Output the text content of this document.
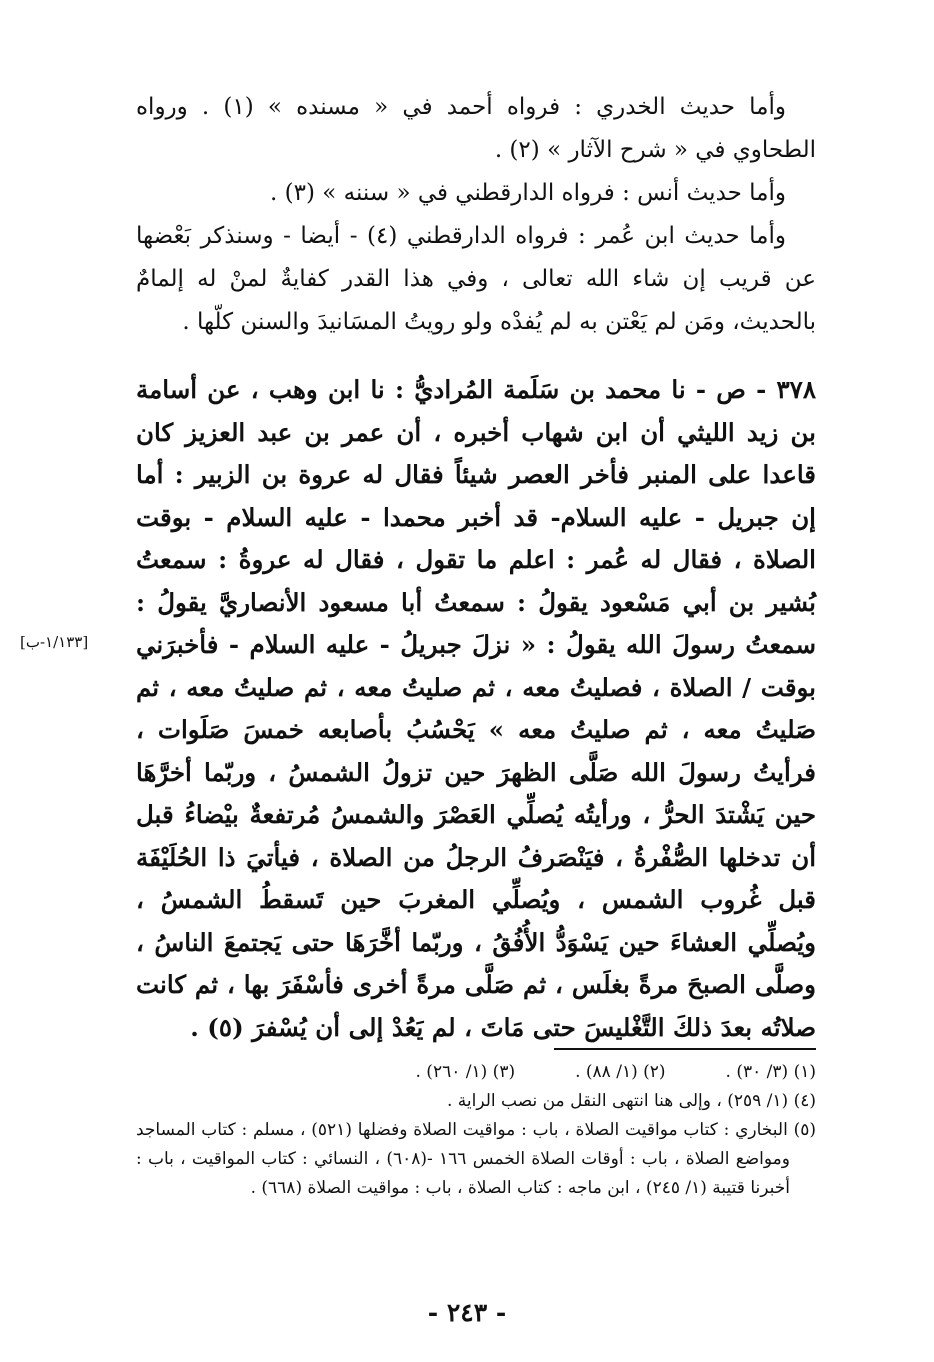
وأما حديث الخدري : فرواه أحمد في « مسنده » (١) . ورواه الطحاوي في « شرح الآثار » (٢) .

وأما حديث أنس : فرواه الدارقطني في « سننه » (٣) .

وأما حديث ابن عُمر : فرواه الدارقطني (٤) - أيضا - وسنذكر بَعْضها عن قريب إن شاء الله تعالى ، وفي هذا القدر كفايةٌ لمنْ له إلمامٌ بالحديث، ومَن لم يَعْتن به لم يُفدْه ولو رويتُ المسَانيدَ والسنن كلّها .

٣٧٨ - ص - نا محمد بن سَلَمة المُراديُّ : نا ابن وهب ، عن أسامة بن زيد الليثي أن ابن شهاب أخبره ، أن عمر بن عبد العزيز كان قاعدا على المنبر فأخر العصر شيئاً فقال له عروة بن الزبير : أما إن جبريل - عليه السلام- قد أخبر محمدا - عليه السلام - بوقت الصلاة ، فقال له عُمر : اعلم ما تقول ، فقال له عروةُ : سمعتُ بُشير بن أبي مَسْعود يقولُ : سمعتُ أبا مسعود الأنصاريَّ يقولُ : سمعتُ رسولَ الله يقولُ : « نزلَ جبريلُ - عليه السلام - فأخبرَني بوقت / الصلاة ، فصليتُ معه ، ثم صليتُ معه ، ثم صليتُ معه ، ثم صَليتُ معه ، ثم صليتُ معه » يَحْسُبُ بأصابعه خمسَ صَلَوات ، فرأيتُ رسولَ الله صَلَّى الظهرَ حين تزولُ الشمسُ ، وربّما أخرَّهَا حين يَشْتدَ الحرُّ ، ورأيتُه يُصلِّي العَصْرَ والشمسُ مُرتفعةٌ بيْضاءُ قبل أن تدخلها الصُّفْرةُ ، فيَنْصَرفُ الرجلُ من الصلاة ، فيأتيَ ذا الحُلَيْفَة قبل غُروب الشمس ، ويُصلِّي المغربَ حين تَسقطُ الشمسُ ، ويُصلِّي العشاءَ حين يَسْوَدُّ الأُفُقُ ، وربّما أخَّرَهَا حتى يَجتمعَ الناسُ ، وصلَّى الصبحَ مرةً بغلَس ، ثم صَلَّى مرةً أخرى فأسْفَرَ بها ، ثم كانت صلاتُه بعدَ ذلكَ التَّغْليسَ حتى مَاتَ ، لم يَعُدْ إلى أن يُسْفرَ (٥) .

[١/١٣٣-ب]
(١) (٣/ ٣٠) .
(٢) (١/ ٨٨) .
(٣) (١/ ٢٦٠) .

(٤) (١/ ٢٥٩) ، وإلى هنا انتهى النقل من نصب الراية .

(٥) البخاري : كتاب مواقيت الصلاة ، باب : مواقيت الصلاة وفضلها (٥٢١) ، مسلم : كتاب المساجد ومواضع الصلاة ، باب : أوقات الصلاة الخمس ١٦٦ -(٦٠٨) ، النسائي : كتاب المواقيت ، باب : أخبرنا قتيبة (١/ ٢٤٥) ، ابن ماجه : كتاب الصلاة ، باب : مواقيت الصلاة (٦٦٨) .

- ٢٤٣ -
